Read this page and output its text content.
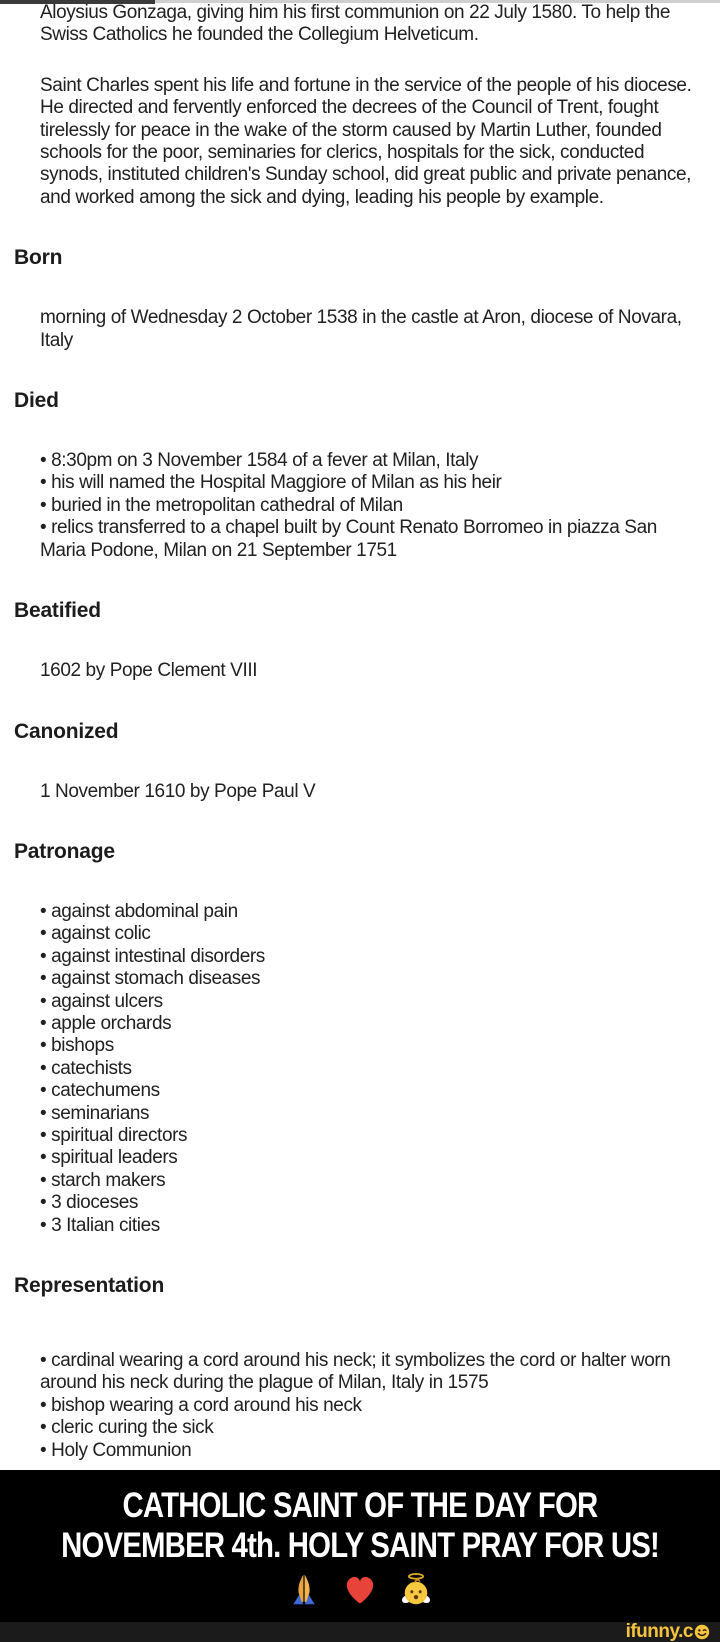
Aloysius Gonzaga, giving him his first communion on 22 July 1580. To help the Swiss Catholics he founded the Collegium Helveticum.

Saint Charles spent his life and fortune in the service of the people of his diocese. He directed and fervently enforced the decrees of the Council of Trent, fought tirelessly for peace in the wake of the storm caused by Martin Luther, founded schools for the poor, seminaries for clerics, hospitals for the sick, conducted synods, instituted children's Sunday school, did great public and private penance, and worked among the sick and dying, leading his people by example.

Born

morning of Wednesday 2 October 1538 in the castle at Aron, diocese of Novara, Italy

Died
• 8:30pm on 3 November 1584 of a fever at Milan, Italy
• his will named the Hospital Maggiore of Milan as his heir
• buried in the metropolitan cathedral of Milan
• relics transferred to a chapel built by Count Renato Borromeo in piazza San Maria Podone, Milan on 21 September 1751
Beatified

1602 by Pope Clement VIII

Canonized

1 November 1610 by Pope Paul V

Patronage
• against abdominal pain
• against colic
• against intestinal disorders
• against stomach diseases
• against ulcers
• apple orchards
• bishops
• catechists
• catechumens
• seminarians
• spiritual directors
• spiritual leaders
• starch makers
• 3 dioceses
• 3 Italian cities
Representation
• cardinal wearing a cord around his neck; it symbolizes the cord or halter worn around his neck during the plague of Milan, Italy in 1575
• bishop wearing a cord around his neck
• cleric curing the sick
• Holy Communion
CATHOLIC SAINT OF THE DAY FOR
NOVEMBER 4th. HOLY SAINT PRAY FOR US!
ifunny.c
